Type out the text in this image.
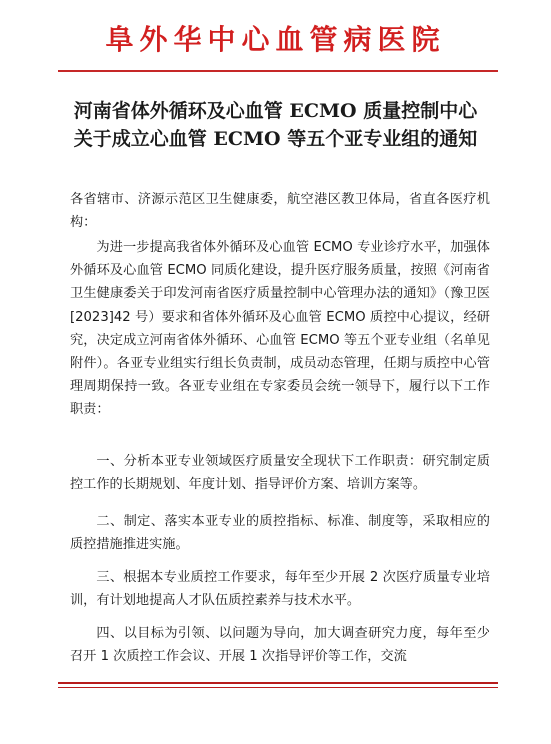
阜外华中心血管病医院
河南省体外循环及心血管 ECMO 质量控制中心
关于成立心血管 ECMO 等五个亚专业组的通知
各省辖市、济源示范区卫生健康委，航空港区教卫体局，省直各医疗机构：
为进一步提高我省体外循环及心血管 ECMO 专业诊疗水平，加强体外循环及心血管 ECMO 同质化建设，提升医疗服务质量，按照《河南省卫生健康委关于印发河南省医疗质量控制中心管理办法的通知》（豫卫医[2023]42 号）要求和省体外循环及心血管 ECMO 质控中心提议，经研究，决定成立河南省体外循环、心血管 ECMO 等五个亚专业组（名单见附件）。各亚专业组实行组长负责制，成员动态管理，任期与质控中心管理周期保持一致。各亚专业组在专家委员会统一领导下，履行以下工作职责：
一、分析本亚专业领域医疗质量安全现状下工作职责：研究制定质控工作的长期规划、年度计划、指导评价方案、培训方案等。
二、制定、落实本亚专业的质控指标、标准、制度等，采取相应的质控措施推进实施。
三、根据本专业质控工作要求，每年至少开展 2 次医疗质量专业培训，有计划地提高人才队伍质控素养与技术水平。
四、以目标为引领、以问题为导向，加大调查研究力度，每年至少召开 1 次质控工作会议、开展 1 次指导评价等工作，交流
